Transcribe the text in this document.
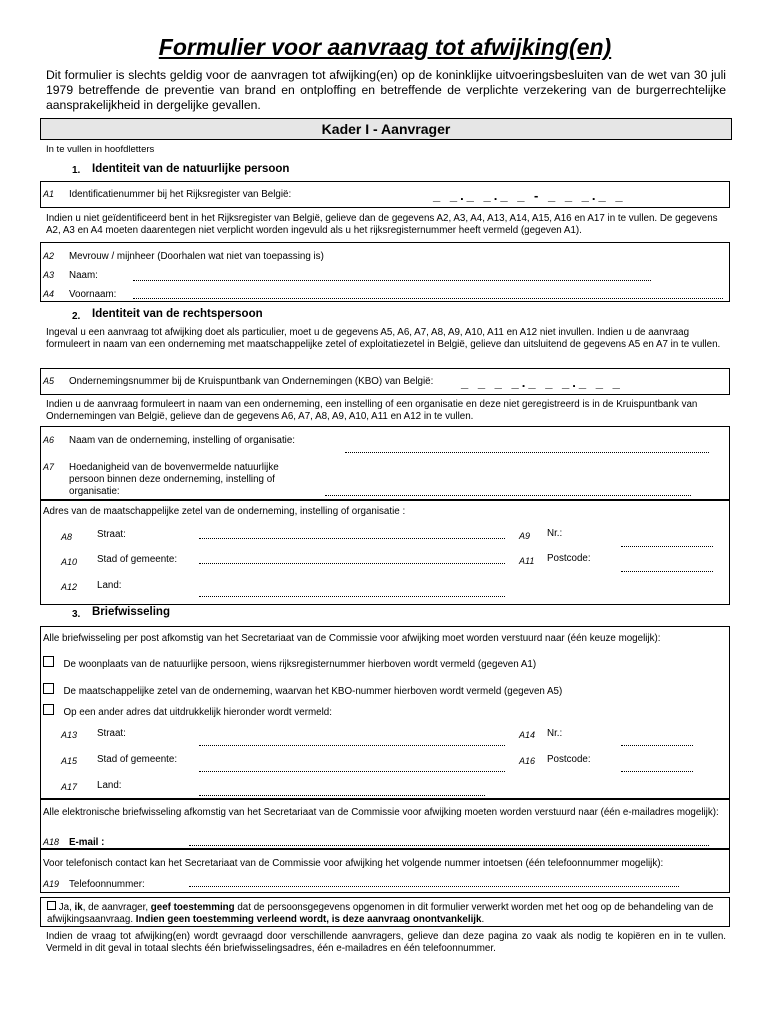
Formulier voor aanvraag tot afwijking(en)
Dit formulier is slechts geldig voor de aanvragen tot afwijking(en) op de koninklijke uitvoeringsbesluiten van de wet van 30 juli 1979 betreffende de preventie van brand en ontploffing en betreffende de verplichte verzekering van de burgerrechtelijke aansprakelijkheid in dergelijke gevallen.
Kader I - Aanvrager
In te vullen in hoofdletters
1. Identiteit van de natuurlijke persoon
A1 Identificatienummer bij het Rijksregister van België:	_ _._ _._ _ - _ _ _._ _
Indien u niet geïdentificeerd bent in het Rijksregister van België, gelieve dan de gegevens A2, A3, A4, A13, A14, A15, A16 en A17 in te vullen. De gegevens A2, A3 en A4 moeten daarentegen niet verplicht worden ingevuld als u het rijksregisternummer heeft vermeld (gegeven A1).
A2 Mevrouw / mijnheer (Doorhalen wat niet van toepassing is)
A3 Naam:
A4 Voornaam:
2. Identiteit van de rechtspersoon
Ingeval u een aanvraag tot afwijking doet als particulier, moet u de gegevens A5, A6, A7, A8, A9, A10, A11 en A12 niet invullen. Indien u de aanvraag formuleert in naam van een onderneming met maatschappelijke zetel of exploitatiezetel in België, gelieve dan uitsluitend de gegevens A5 en A7 in te vullen.
A5 Ondernemingsnummer bij de Kruispuntbank van Ondernemingen (KBO) van België: _ _ _ _._ _ _._ _ _
Indien u de aanvraag formuleert in naam van een onderneming, een instelling of een organisatie en deze niet geregistreerd is in de Kruispuntbank van Ondernemingen van België, gelieve dan de gegevens A6, A7, A8, A9, A10, A11 en A12 in te vullen.
A6 Naam van de onderneming, instelling of organisatie:
A7 Hoedanigheid van de bovenvermelde natuurlijke persoon binnen deze onderneming, instelling of organisatie:
Adres van de maatschappelijke zetel van de onderneming, instelling of organisatie :
A8	Straat:	A9 Nr.:
A10 Stad of gemeente:	A11 Postcode:
A12 Land:
3. Briefwisseling
Alle briefwisseling per post afkomstig van het Secretariaat van de Commissie voor afwijking moet worden verstuurd naar (één keuze mogelijk):
De woonplaats van de natuurlijke persoon, wiens rijksregisternummer hierboven wordt vermeld (gegeven A1)
De maatschappelijke zetel van de onderneming, waarvan het KBO-nummer hierboven wordt vermeld (gegeven A5)
Op een ander adres dat uitdrukkelijk hieronder wordt vermeld:
A13 Straat:	A14 Nr.:
A15 Stad of gemeente:	A16 Postcode:
A17 Land:
Alle elektronische briefwisseling afkomstig van het Secretariaat van de Commissie voor afwijking moeten worden verstuurd naar (één e-mailadres mogelijk):
A18 E-mail :
Voor telefonisch contact kan het Secretariaat van de Commissie voor afwijking het volgende nummer intoetsen (één telefoonnummer mogelijk):
A19 Telefoonnummer:
Ja, ik, de aanvrager, geef toestemming dat de persoonsgegevens opgenomen in dit formulier verwerkt worden met het oog op de behandeling van de afwijkingsaanvraag. Indien geen toestemming verleend wordt, is deze aanvraag onontvankelijk.
Indien de vraag tot afwijking(en) wordt gevraagd door verschillende aanvragers, gelieve dan deze pagina zo vaak als nodig te kopiëren en in te vullen. Vermeld in dit geval in totaal slechts één briefwisselingsadres, één e-mailadres en één telefoonnummer.
